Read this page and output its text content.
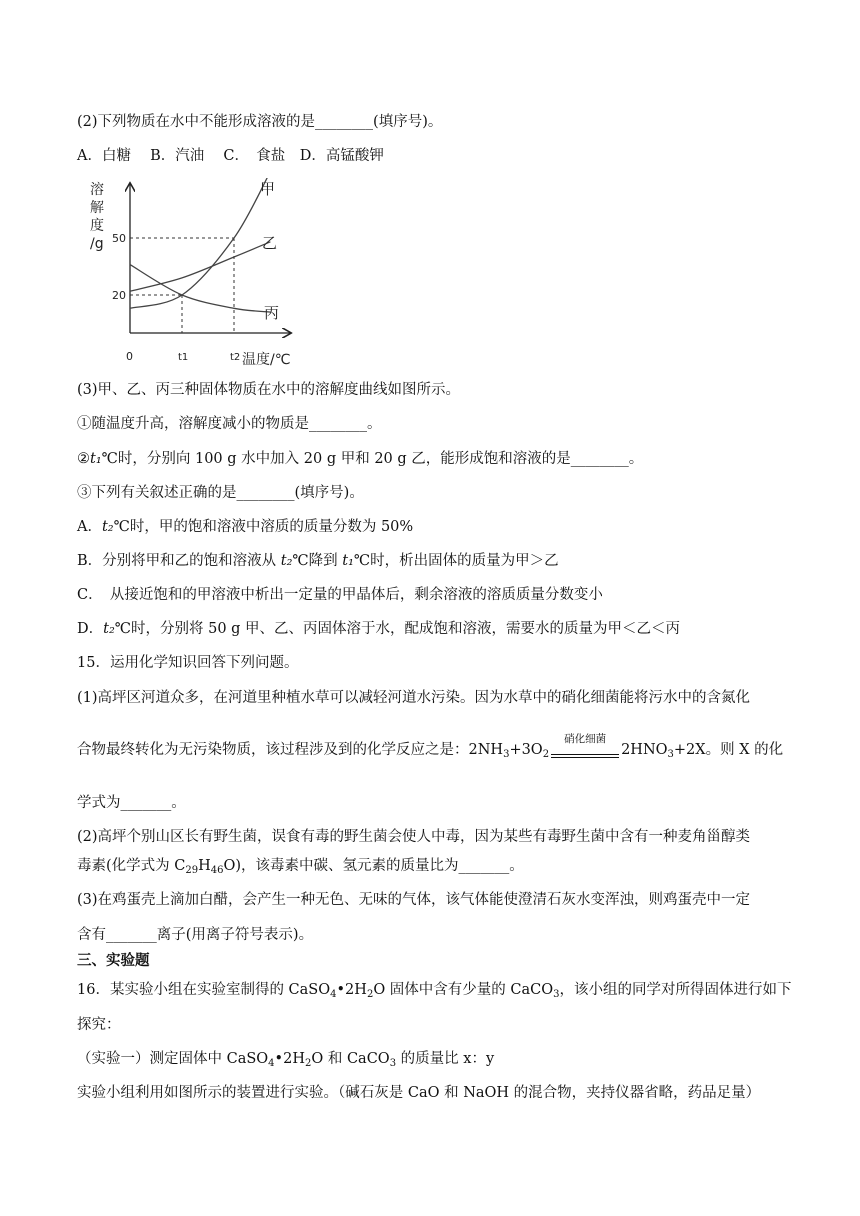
(2)下列物质在水中不能形成溶液的是________(填序号)。
A．白糖　 B．汽油　 C．　食盐　D．高锰酸钾
溶
解
度
/g
温度/℃
0
20
50
t1	t2
甲
乙
丙
(3)甲、乙、丙三种固体物质在水中的溶解度曲线如图所示。
①随温度升高，溶解度减小的物质是________。
②t₁℃时，分别向 100 g 水中加入 20 g 甲和 20 g 乙，能形成饱和溶液的是________。
③下列有关叙述正确的是________(填序号)。
A．t₂℃时，甲的饱和溶液中溶质的质量分数为 50%
B．分别将甲和乙的饱和溶液从 t₂℃降到 t₁℃时，析出固体的质量为甲＞乙
C．　从接近饱和的甲溶液中析出一定量的甲晶体后，剩余溶液的溶质质量分数变小
D．t₂℃时，分别将 50 g 甲、乙、丙固体溶于水，配成饱和溶液，需要水的质量为甲＜乙＜丙
15．运用化学知识回答下列问题。
(1)高坪区河道众多，在河道里种植水草可以减轻河道水污染。因为水草中的硝化细菌能将污水中的含氮化
合物最终转化为无污染物质，该过程涉及到的化学反应之是：$2NH_3+3O_2$
硝化细菌
$2HNO_3+2X$。则 X 的化
学式为_______。
(2)高坪个别山区长有野生菌，误食有毒的野生菌会使人中毒，因为某些有毒野生菌中含有一种麦角甾醇类
毒素(化学式为 $C_{29}H_{46}O$)，该毒素中碳、氢元素的质量比为_______。
(3)在鸡蛋壳上滴加白醋，会产生一种无色、无味的气体，该气体能使澄清石灰水变浑浊，则鸡蛋壳中一定
含有_______离子(用离子符号表示)。
三、实验题
16．某实验小组在实验室制得的 $CaSO_4•2H_2O$ 固体中含有少量的 CaCO$_3$，该小组的同学对所得固体进行如下
探究：
（实验一）测定固体中 $CaSO_4•2H_2O$ 和 CaCO$_3$ 的质量比 x：y
实验小组利用如图所示的装置进行实验。（碱石灰是 CaO 和 NaOH 的混合物，夹持仪器省略，药品足量）
